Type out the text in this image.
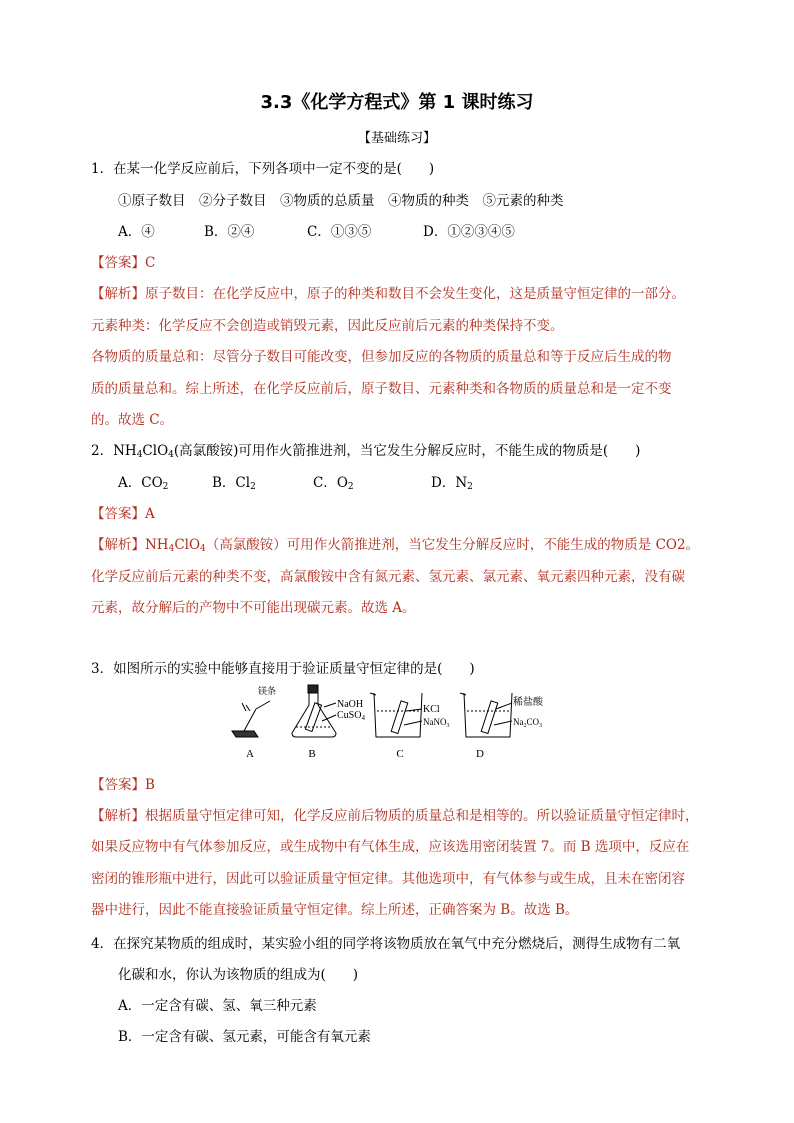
3.3《化学方程式》第 1 课时练习
【基础练习】
1．在某一化学反应前后，下列各项中一定不变的是(　　)
①原子数目　②分子数目　③物质的总质量　④物质的种类　⑤元素的种类
A．④	B．②④	C．①③⑤	D．①②③④⑤
【答案】C
【解析】原子数目：在化学反应中，原子的种类和数目不会发生变化，这是质量守恒定律的一部分。
元素种类：化学反应不会创造或销毁元素，因此反应前后元素的种类保持不变。
各物质的质量总和：尽管分子数目可能改变，但参加反应的各物质的质量总和等于反应后生成的物
质的质量总和。综上所述，在化学反应前后，原子数目、元素种类和各物质的质量总和是一定不变
的。故选 C。
2．$NH_4ClO_4$(高氯酸铵)可用作火箭推进剂，当它发生分解反应时，不能生成的物质是(　　)
A．$CO_2$	B．$Cl_2$	C．$O_2$	D．$N_2$
【答案】A
【解析】$NH_4ClO_4$（高氯酸铵）可用作火箭推进剂，当它发生分解反应时，不能生成的物质是 CO2。
化学反应前后元素的种类不变，高氯酸铵中含有氮元素、氢元素、氯元素、氧元素四种元素，没有碳
元素，故分解后的产物中不可能出现碳元素。故选 A。
3．如图所示的实验中能够直接用于验证质量守恒定律的是(　　)
镁条
NaOH
CuSO$_4$
KCl
NaNO$_3$
稀盐酸
$Na_2CO_3$
A	B	C	D
【答案】B
【解析】根据质量守恒定律可知，化学反应前后物质的质量总和是相等的。所以验证质量守恒定律时，
如果反应物中有气体参加反应，或生成物中有气体生成，应该选用密闭装置 7。而 B 选项中，反应在
密闭的锥形瓶中进行，因此可以验证质量守恒定律。其他选项中，有气体参与或生成，且未在密闭容
器中进行，因此不能直接验证质量守恒定律。综上所述，正确答案为 B。故选 B。
4．在探究某物质的组成时，某实验小组的同学将该物质放在氧气中充分燃烧后，测得生成物有二氧
化碳和水，你认为该物质的组成为(　　)
A．一定含有碳、氢、氧三种元素
B．一定含有碳、氢元素，可能含有氧元素
